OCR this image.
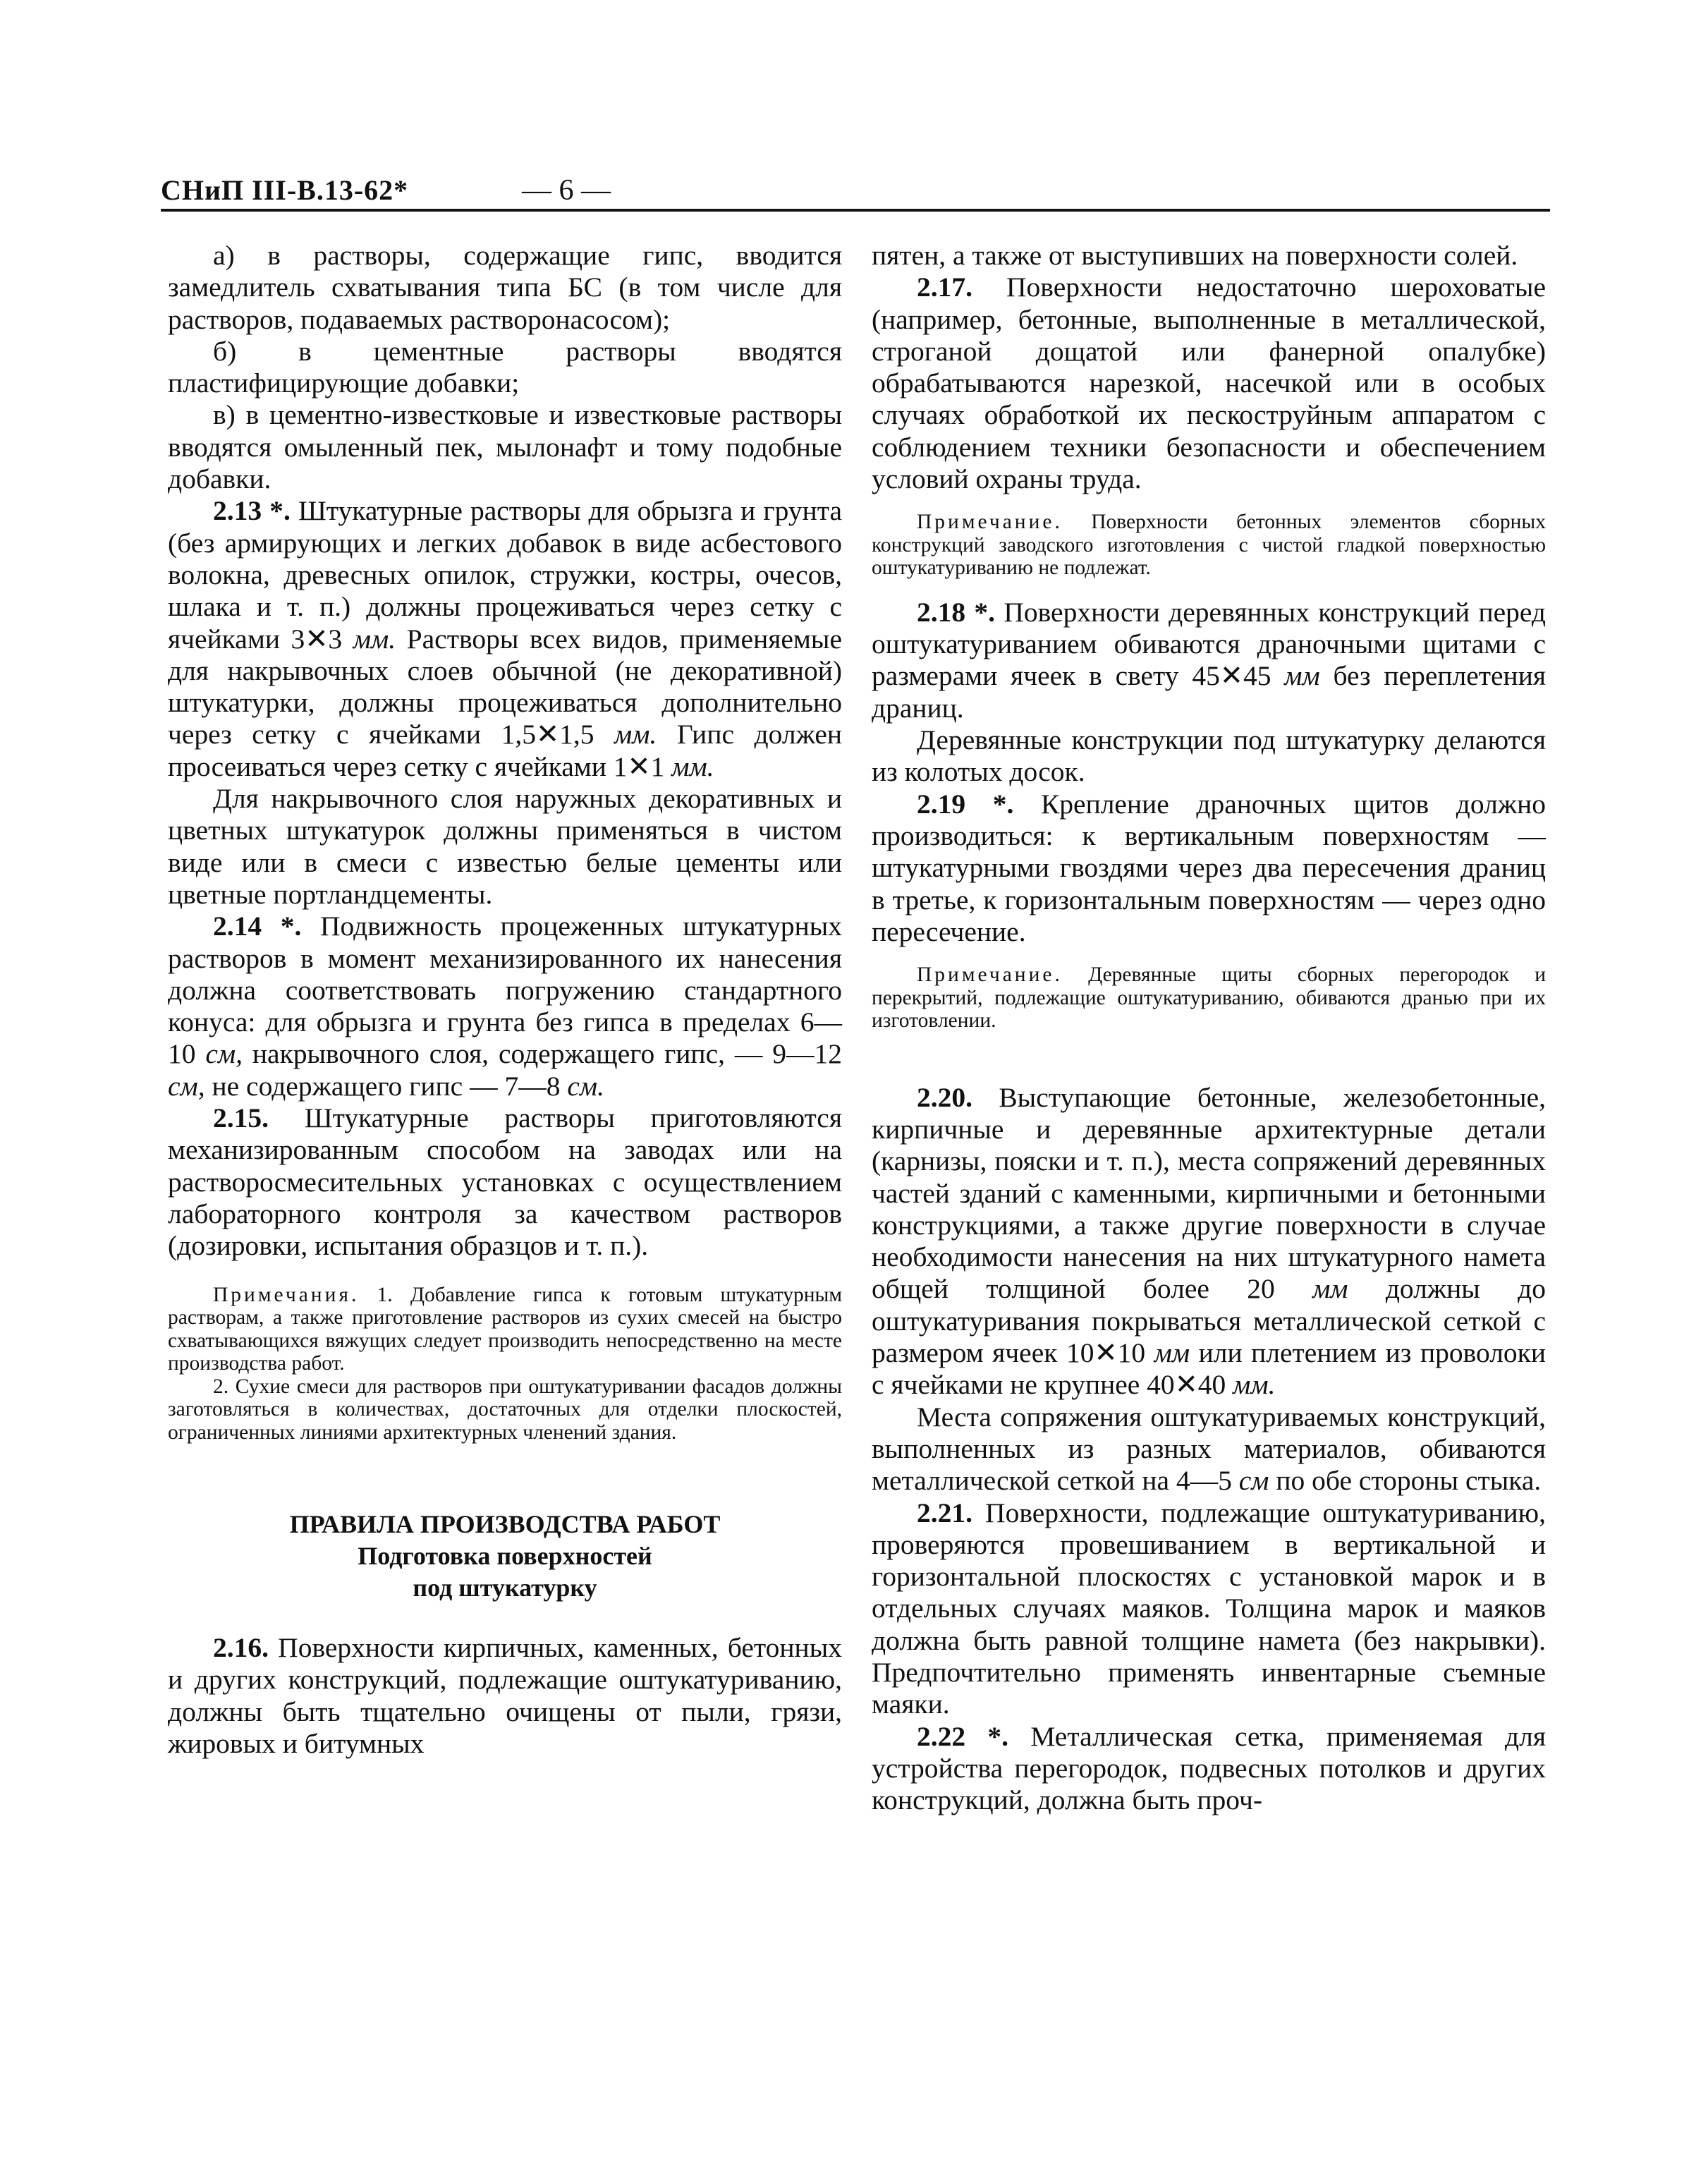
СНиП III-В.13-62*	— 6 —

а) в растворы, содержащие гипс, вводится замедлитель схватывания типа БС (в том числе для растворов, подаваемых растворонасосом);

б) в цементные растворы вводятся пластифицирующие добавки;

в) в цементно-известковые и известковые растворы вводятся омыленный пек, мылонафт и тому подобные добавки.

2.13 *. Штукатурные растворы для обрызга и грунта (без армирующих и легких добавок в виде асбестового волокна, древесных опилок, стружки, костры, очесов, шлака и т. п.) должны процеживаться через сетку с ячейками 3✕3 мм. Растворы всех видов, применяемые для накрывочных слоев обычной (не декоративной) штукатурки, должны процеживаться дополнительно через сетку с ячейками 1,5✕1,5 мм. Гипс должен просеиваться через сетку с ячейками 1✕1 мм.

Для накрывочного слоя наружных декоративных и цветных штукатурок должны применяться в чистом виде или в смеси с известью белые цементы или цветные портландцементы.

2.14 *. Подвижность процеженных штукатурных растворов в момент механизированного их нанесения должна соответствовать погружению стандартного конуса: для обрызга и грунта без гипса в пределах 6—10 см, накрывочного слоя, содержащего гипс, — 9—12 см, не содержащего гипс — 7—8 см.

2.15. Штукатурные растворы приготовляются механизированным способом на заводах или на растворосмесительных установках с осуществлением лабораторного контроля за качеством растворов (дозировки, испытания образцов и т. п.).

Примечания. 1. Добавление гипса к готовым штукатурным растворам, а также приготовление растворов из сухих смесей на быстро схватывающихся вяжущих следует производить непосредственно на месте производства работ.

2. Сухие смеси для растворов при оштукатуривании фасадов должны заготовляться в количествах, достаточных для отделки плоскостей, ограниченных линиями архитектурных членений здания.

ПРАВИЛА ПРОИЗВОДСТВА РАБОТ

Подготовка поверхностей

под штукатурку

2.16. Поверхности кирпичных, каменных, бетонных и других конструкций, подлежащие оштукатуриванию, должны быть тщательно очищены от пыли, грязи, жировых и битумных

пятен, а также от выступивших на поверхности солей.

2.17. Поверхности недостаточно шероховатые (например, бетонные, выполненные в металлической, строганой дощатой или фанерной опалубке) обрабатываются нарезкой, насечкой или в особых случаях обработкой их пескоструйным аппаратом с соблюдением техники безопасности и обеспечением условий охраны труда.

Примечание. Поверхности бетонных элементов сборных конструкций заводского изготовления с чистой гладкой поверхностью оштукатуриванию не подлежат.

2.18 *. Поверхности деревянных конструкций перед оштукатуриванием обиваются драночными щитами с размерами ячеек в свету 45✕45 мм без переплетения драниц.

Деревянные конструкции под штукатурку делаются из колотых досок.

2.19 *. Крепление драночных щитов должно производиться: к вертикальным поверхностям — штукатурными гвоздями через два пересечения драниц в третье, к горизонтальным поверхностям — через одно пересечение.

Примечание. Деревянные щиты сборных перегородок и перекрытий, подлежащие оштукатуриванию, обиваются дранью при их изготовлении.

2.20. Выступающие бетонные, железобетонные, кирпичные и деревянные архитектурные детали (карнизы, пояски и т. п.), места сопряжений деревянных частей зданий с каменными, кирпичными и бетонными конструкциями, а также другие поверхности в случае необходимости нанесения на них штукатурного намета общей толщиной более 20 мм должны до оштукатуривания покрываться металлической сеткой с размером ячеек 10✕10 мм или плетением из проволоки с ячейками не крупнее 40✕40 мм.

Места сопряжения оштукатуриваемых конструкций, выполненных из разных материалов, обиваются металлической сеткой на 4—5 см по обе стороны стыка.

2.21. Поверхности, подлежащие оштукатуриванию, проверяются провешиванием в вертикальной и горизонтальной плоскостях с установкой марок и в отдельных случаях маяков. Толщина марок и маяков должна быть равной толщине намета (без накрывки). Предпочтительно применять инвентарные съемные маяки.

2.22 *. Металлическая сетка, применяемая для устройства перегородок, подвесных потолков и других конструкций, должна быть проч-
